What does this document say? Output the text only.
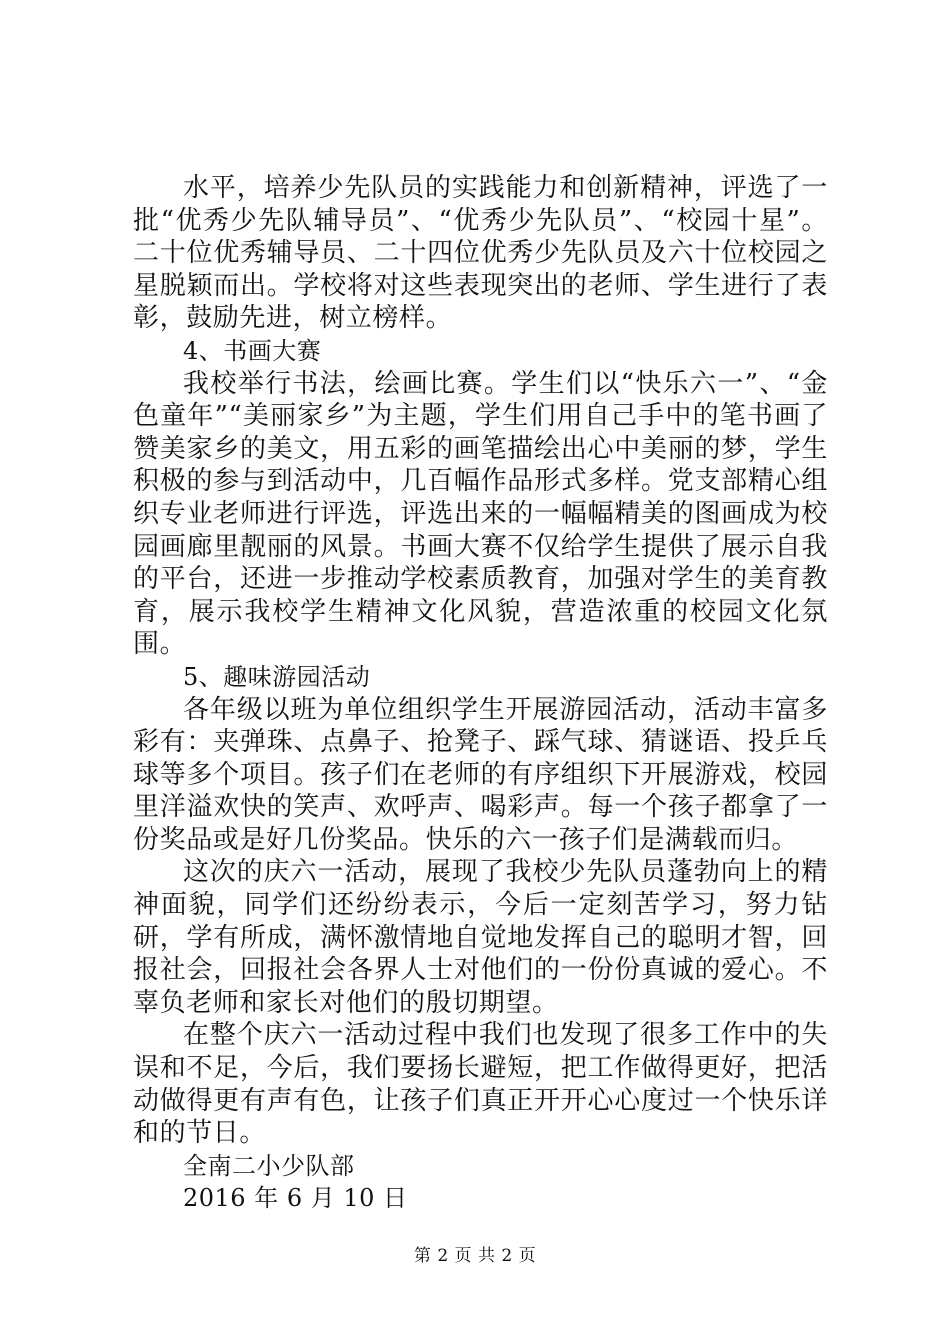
水平，培养少先队员的实践能力和创新精神，评选了一批“优秀少先队辅导员”、“优秀少先队员”、“校园十星”。二十位优秀辅导员、二十四位优秀少先队员及六十位校园之星脱颖而出。学校将对这些表现突出的老师、学生进行了表彰，鼓励先进，树立榜样。

4、书画大赛

我校举行书法，绘画比赛。学生们以“快乐六一”、“金色童年”“美丽家乡”为主题，学生们用自己手中的笔书画了赞美家乡的美文，用五彩的画笔描绘出心中美丽的梦，学生积极的参与到活动中，几百幅作品形式多样。党支部精心组织专业老师进行评选，评选出来的一幅幅精美的图画成为校园画廊里靓丽的风景。书画大赛不仅给学生提供了展示自我的平台，还进一步推动学校素质教育，加强对学生的美育教育，展示我校学生精神文化风貌，营造浓重的校园文化氛围。

5、趣味游园活动

各年级以班为单位组织学生开展游园活动，活动丰富多彩有：夹弹珠、点鼻子、抢凳子、踩气球、猜谜语、投乒乓球等多个项目。孩子们在老师的有序组织下开展游戏，校园里洋溢欢快的笑声、欢呼声、喝彩声。每一个孩子都拿了一份奖品或是好几份奖品。快乐的六一孩子们是满载而归。

这次的庆六一活动，展现了我校少先队员蓬勃向上的精神面貌，同学们还纷纷表示，今后一定刻苦学习，努力钻研，学有所成，满怀激情地自觉地发挥自己的聪明才智，回报社会，回报社会各界人士对他们的一份份真诚的爱心。不辜负老师和家长对他们的殷切期望。

在整个庆六一活动过程中我们也发现了很多工作中的失误和不足，今后，我们要扬长避短，把工作做得更好，把活动做得更有声有色，让孩子们真正开开心心度过一个快乐详和的节日。

全南二小少队部

2016 年 6 月 10 日

第 2 页 共 2 页
